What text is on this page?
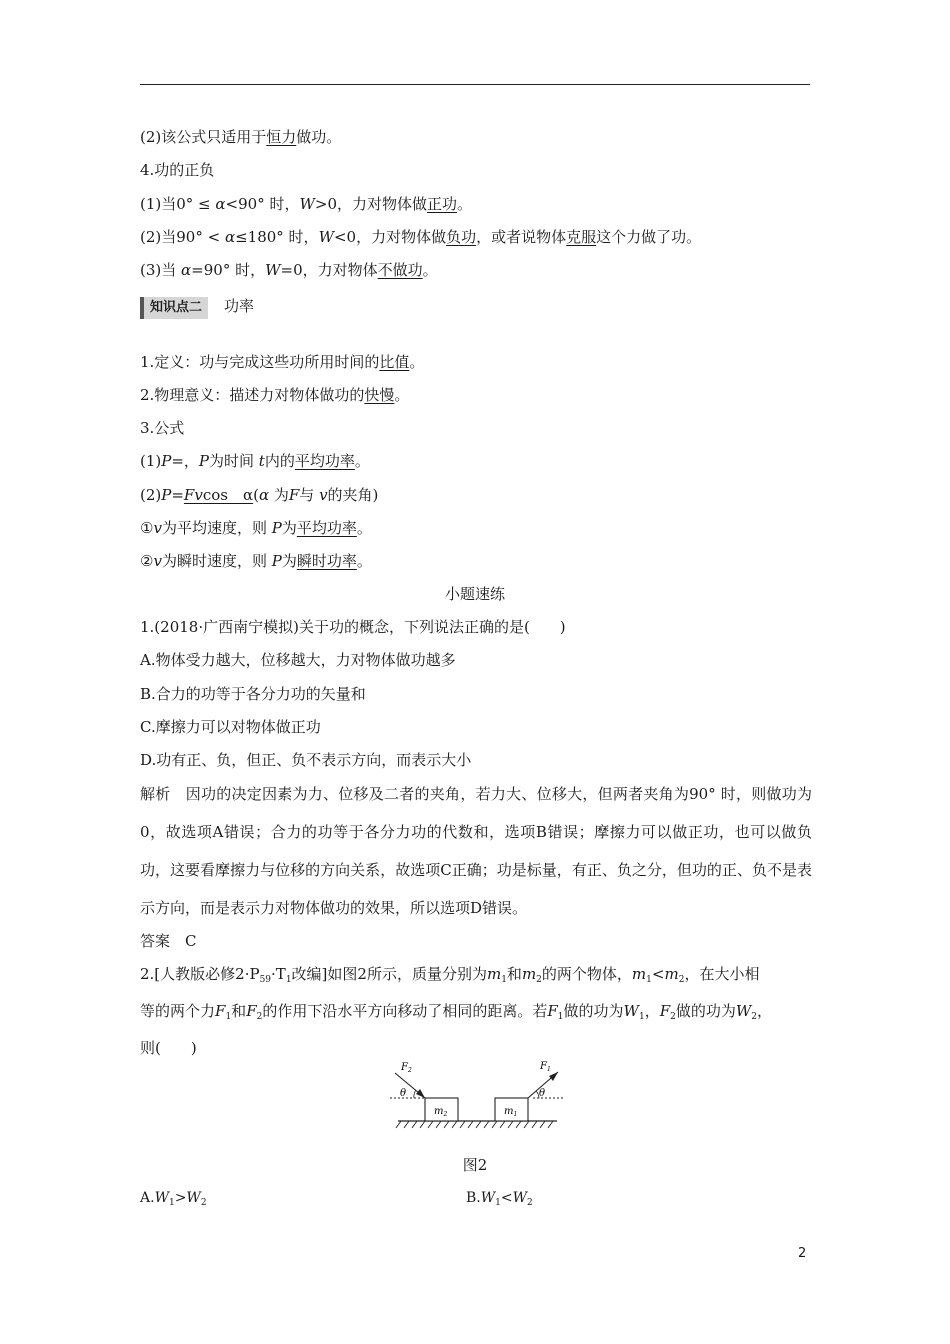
(2)该公式只适用于恒力做功。
4.功的正负
(1)当0° ≤ α<90° 时，W>0，力对物体做正功。
(2)当90° < α≤180° 时，W<0，力对物体做负功，或者说物体克服这个力做了功。
(3)当 α=90° 时，W=0，力对物体不做功。
知识点二 功率
1.定义：功与完成这些功所用时间的比值。
2.物理意义：描述力对物体做功的快慢。
3.公式
(1)P=，P为时间 t内的平均功率。
(2)P=Fvcos　α(α 为F与 v的夹角)
①v为平均速度，则 P为平均功率。
②v为瞬时速度，则 P为瞬时功率。
小题速练
1.(2018·广西南宁模拟)关于功的概念，下列说法正确的是(　　)
A.物体受力越大，位移越大，力对物体做功越多
B.合力的功等于各分力功的矢量和
C.摩擦力可以对物体做正功
D.功有正、负，但正、负不表示方向，而表示大小
解析　因功的决定因素为力、位移及二者的夹角，若力大、位移大，但两者夹角为90° 时，则做功为0，故选项A错误；合力的功等于各分力功的代数和，选项B错误；摩擦力可以做正功，也可以做负功，这要看摩擦力与位移的方向关系，故选项C正确；功是标量，有正、负之分，但功的正、负不是表示方向，而是表示力对物体做功的效果，所以选项D错误。
答案　C
2.[人教版必修$2\cdot P_{59}\cdot T_1$改编]如图2所示，质量分别为$m_1$和$m_2$的两个物体，$m_1<m_2$，在大小相
等的两个力$F_1$和$F_2$的作用下沿水平方向移动了相同的距离。若$F_1$做的功为$W_1$，$F_2$做的功为$W_2$，
则(　　)
$F_2$	$F_1$
θ	θ
$m_2$	$m_1$
图2
$A.W_1>W_2$	$B.W_1<W_2$
2
